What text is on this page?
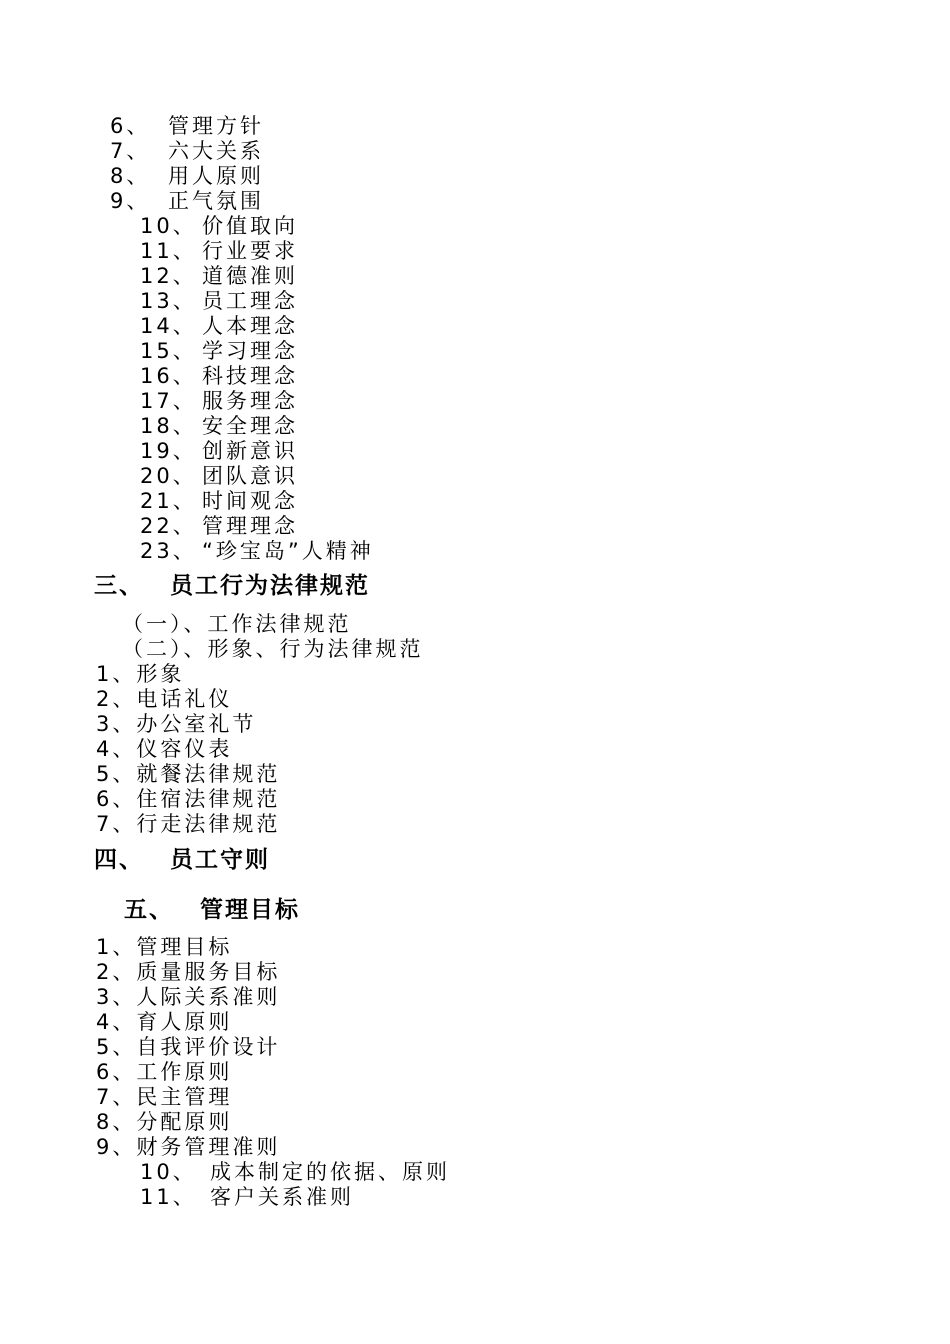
6、 管理方针
7、 六大关系
8、 用人原则
9、 正气氛围
10、 价值取向
11、 行业要求
12、 道德准则
13、 员工理念
14、 人本理念
15、 学习理念
16、 科技理念
17、 服务理念
18、 安全理念
19、 创新意识
20、 团队意识
21、 时间观念
22、 管理理念
23、 “珍宝岛”人精神
三、 员工行为法律规范
（一）、工作法律规范
（二）、形象、行为法律规范
1、形象
2、电话礼仪
3、办公室礼节
4、仪容仪表
5、就餐法律规范
6、住宿法律规范
7、行走法律规范
四、 员工守则
五、 管理目标
1、管理目标
2、质量服务目标
3、人际关系准则
4、育人原则
5、自我评价设计
6、工作原则
7、民主管理
8、分配原则
9、财务管理准则
10、 成本制定的依据、原则
11、 客户关系准则
